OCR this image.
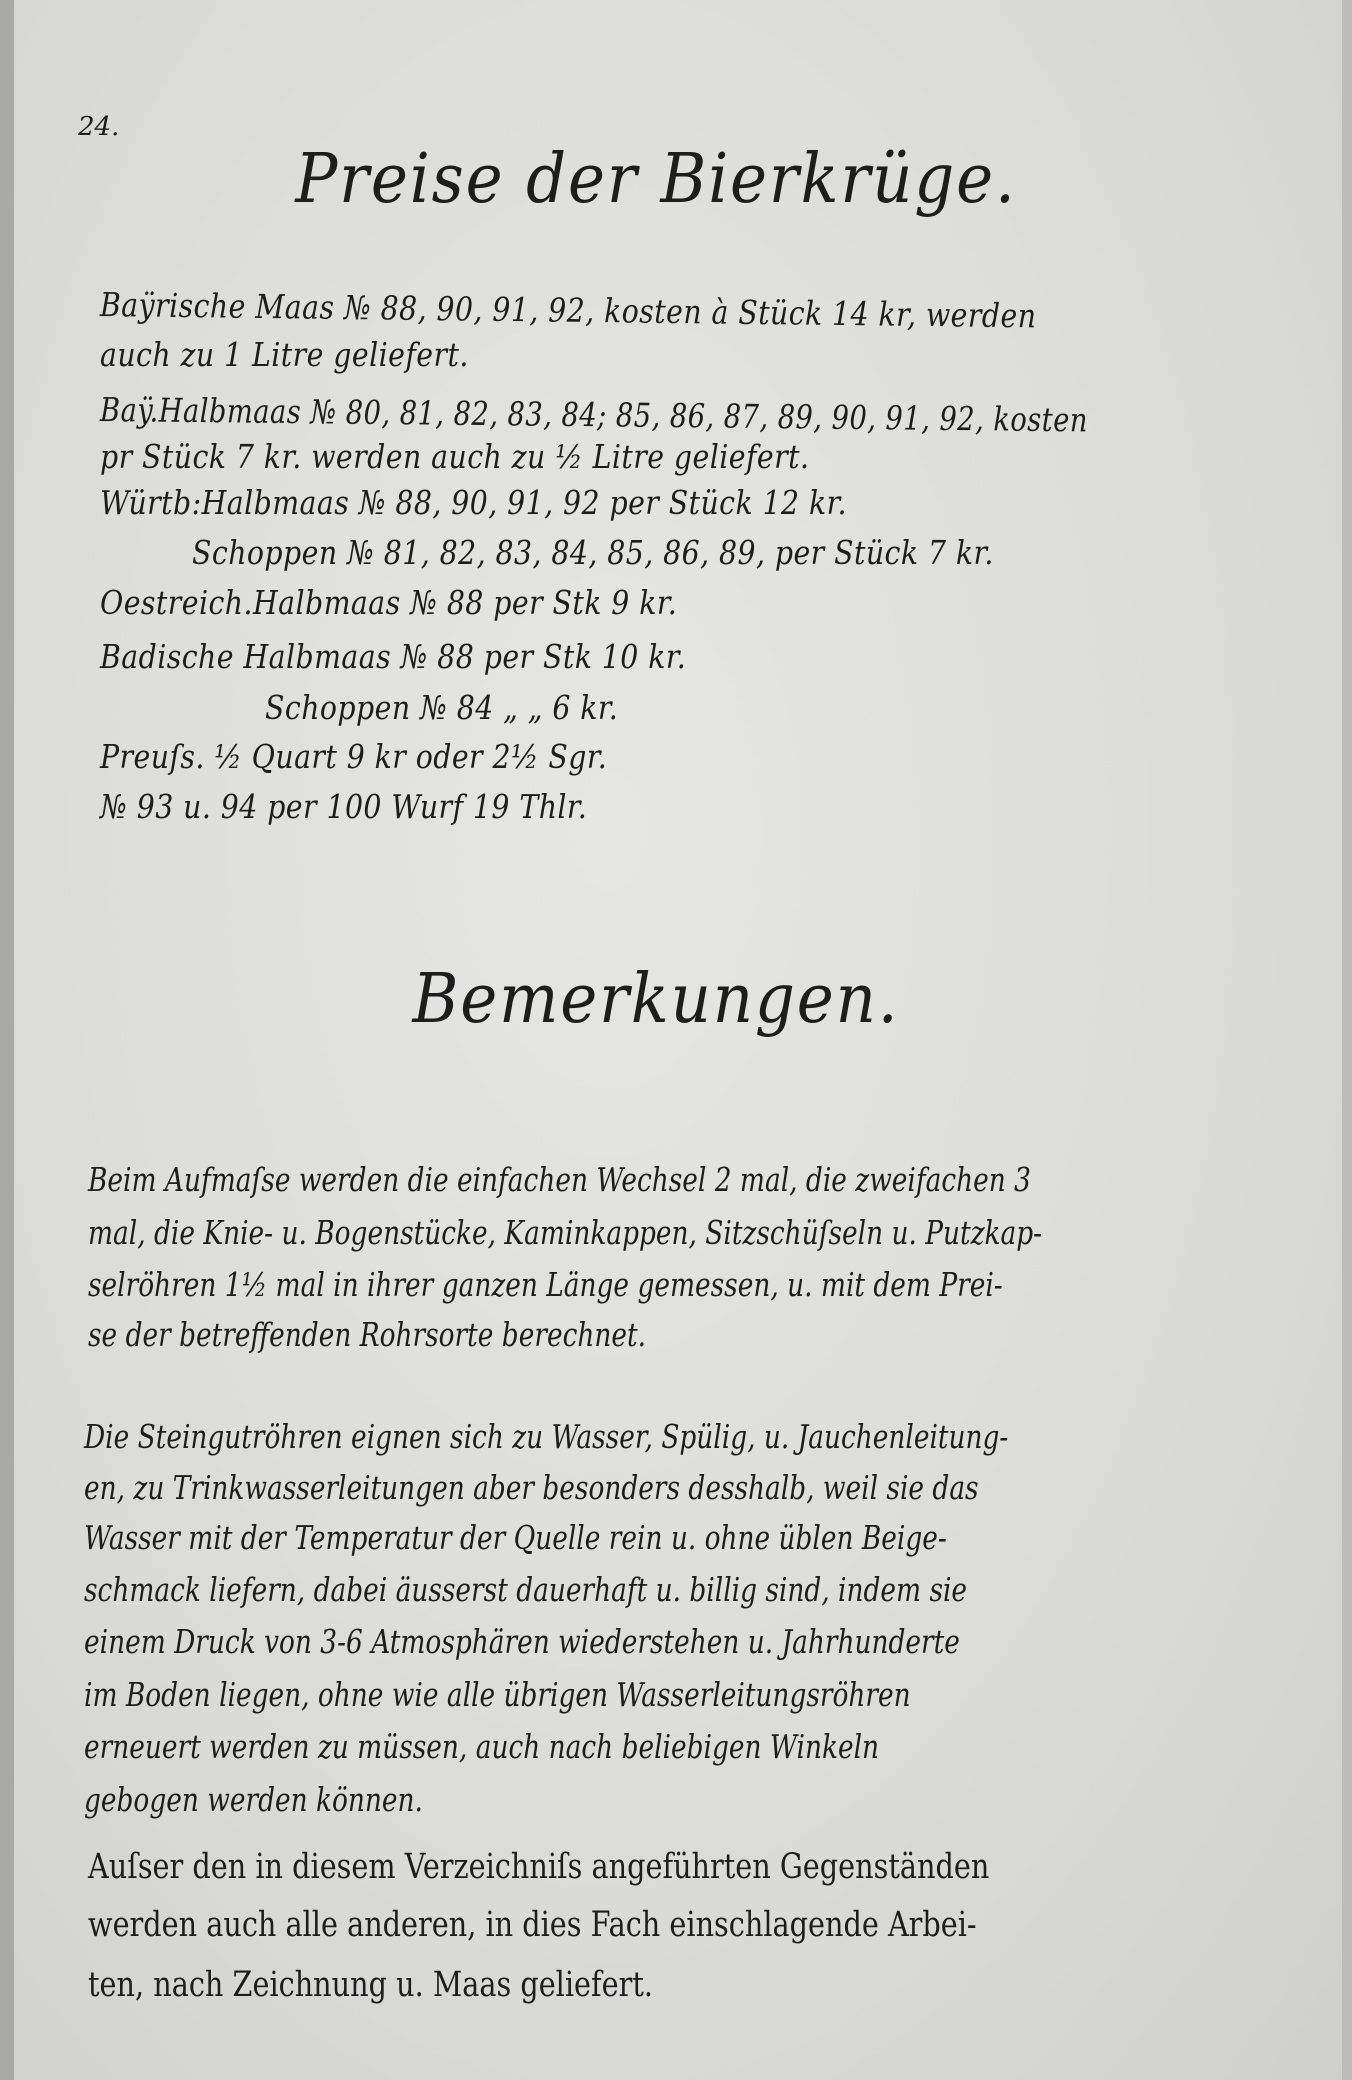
24.
Preise der Bierkrüge.
Baÿrische Maas № 88, 90, 91, 92, kosten à Stück 14 kr, werden
auch zu 1 Litre geliefert.
Baÿ.Halbmaas № 80, 81, 82, 83, 84; 85, 86, 87, 89, 90, 91, 92, kosten
pr Stück 7 kr. werden auch zu ½ Litre geliefert.
Würtb:Halbmaas № 88, 90, 91, 92 per Stück 12 kr.
Schoppen № 81, 82, 83, 84, 85, 86, 89, per Stück 7 kr.
Oestreich.Halbmaas № 88 per Stk 9 kr.
Badische Halbmaas № 88 per Stk 10 kr.
Schoppen № 84 „ „ 6 kr.
Preuſs. ½ Quart 9 kr oder 2½ Sgr.
№ 93 u. 94 per 100 Wurf 19 Thlr.
Bemerkungen.
Beim Aufmaſse werden die einfachen Wechsel 2 mal, die zweifachen 3
mal, die Knie- u. Bogenstücke, Kaminkappen, Sitzschüſseln u. Putzkap-
selröhren 1½ mal in ihrer ganzen Länge gemessen, u. mit dem Prei-
se der betreffenden Rohrsorte berechnet.
Die Steingutröhren eignen sich zu Wasser, Spülig, u. Jauchenleitung-
en, zu Trinkwasserleitungen aber besonders desshalb, weil sie das
Wasser mit der Temperatur der Quelle rein u. ohne üblen Beige-
schmack liefern, dabei äusserst dauerhaft u. billig sind, indem sie
einem Druck von 3-6 Atmosphären wiederstehen u. Jahrhunderte
im Boden liegen, ohne wie alle übrigen Wasserleitungsröhren
erneuert werden zu müssen, auch nach beliebigen Winkeln
gebogen werden können.
Auſser den in diesem Verzeichniſs angeführten Gegenständen
werden auch alle anderen, in dies Fach einschlagende Arbei-
ten, nach Zeichnung u. Maas geliefert.
